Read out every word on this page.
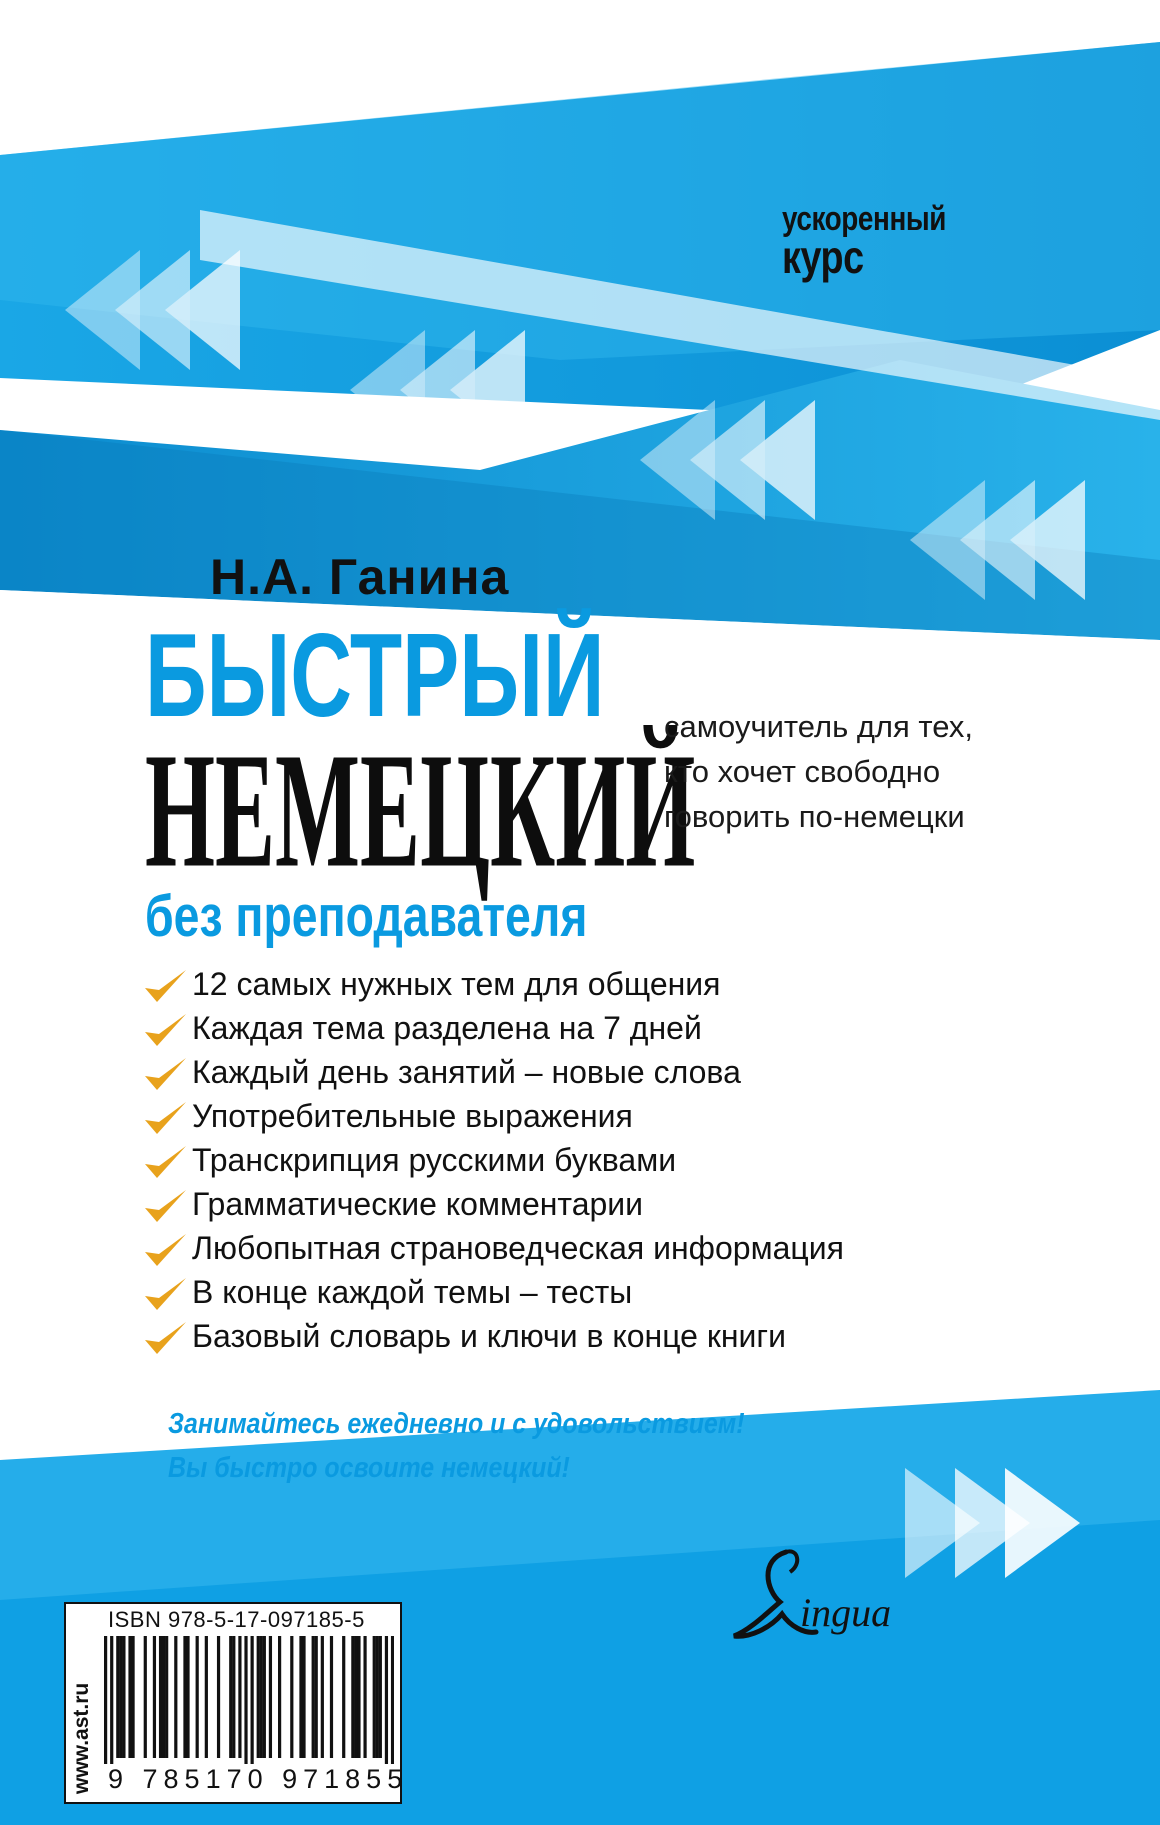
ускоренный
курс
Н.А. Ганина
БЫСТРЫЙ
НЕМЕЦКИЙ
без преподавателя
самоучитель для тех,
кто хочет свободно
говорить по-немецки
12 самых нужных тем для общения
Каждая тема разделена на 7 дней
Каждый день занятий – новые слова
Употребительные выражения
Транскрипция русскими буквами
Грамматические комментарии
Любопытная страноведческая информация
В конце каждой темы – тесты
Базовый словарь и ключи в конце книги
Занимайтесь ежедневно и с удовольствием!
Вы быстро освоите немецкий!
ingua
www.ast.ru
ISBN 978-5-17-097185-5
9 785170 971855
